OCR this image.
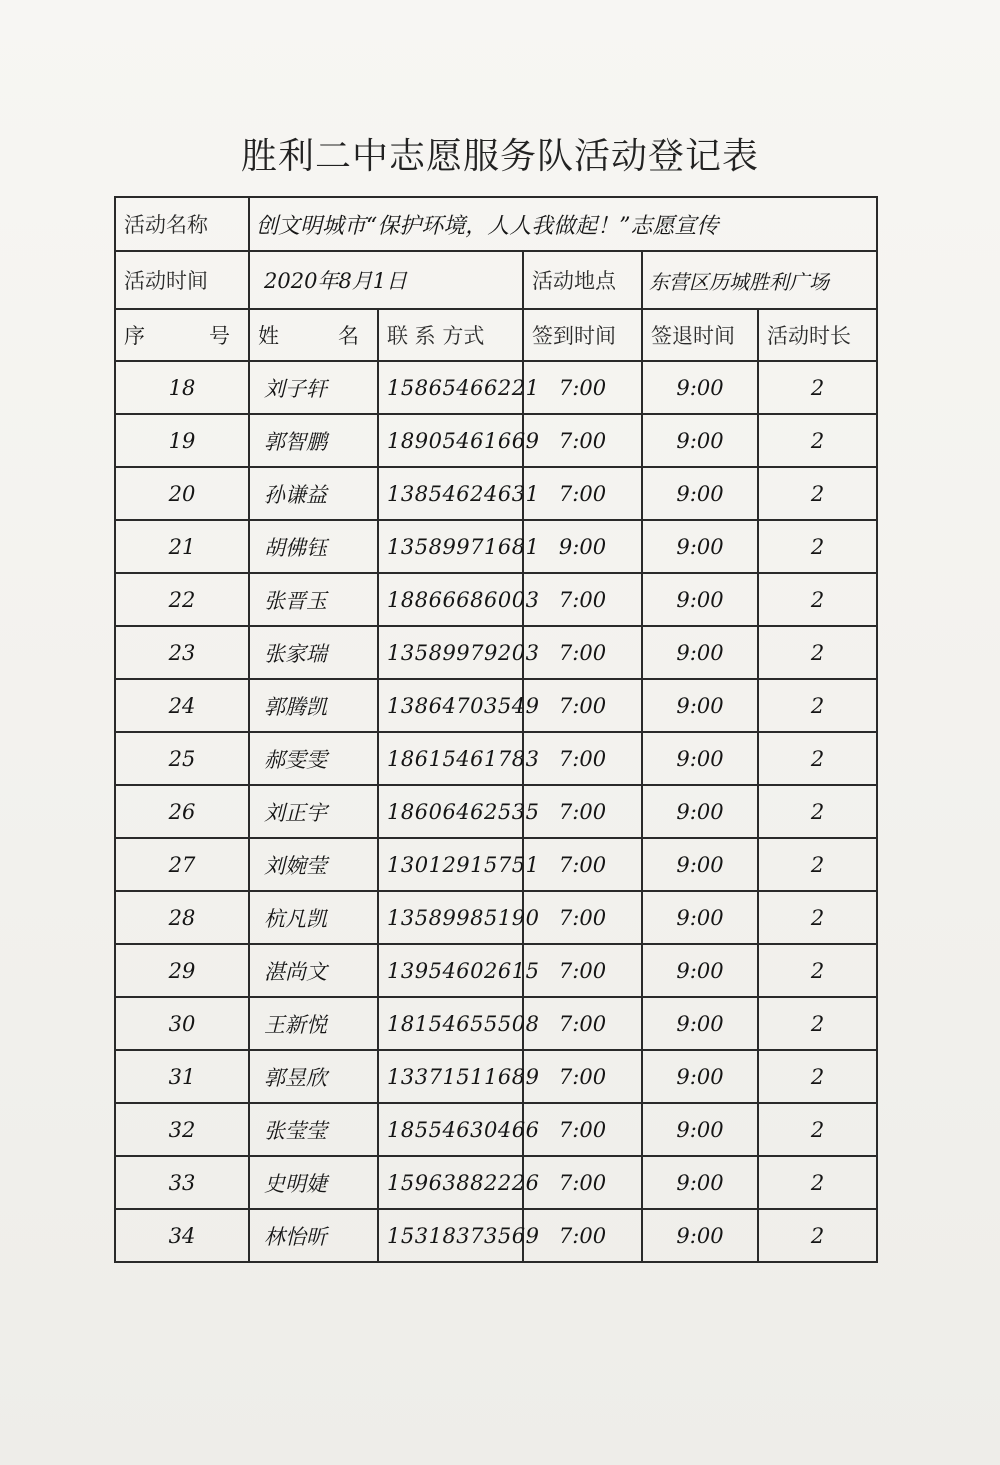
胜利二中志愿服务队活动登记表
活动名称	创文明城市“保护环境，人人我做起！”志愿宣传				
活动时间	2020年8月1日		活动地点	东营区历城胜利广场	

序 号	姓 名	联 系 方式	签到时间	签退时间	活动时长
18	刘子轩	15865466221	7:00	9:00	2
19	郭智鹏	18905461669	7:00	9:00	2
20	孙谦益	13854624631	7:00	9:00	2
21	胡佛钰	13589971681	9:00	9:00	2
22	张晋玉	18866686003	7:00	9:00	2
23	张家瑞	13589979203	7:00	9:00	2
24	郭腾凯	13864703549	7:00	9:00	2
25	郝雯雯	18615461783	7:00	9:00	2
26	刘正宇	18606462535	7:00	9:00	2
27	刘婉莹	13012915751	7:00	9:00	2
28	杭凡凯	13589985190	7:00	9:00	2
29	湛尚文	13954602615	7:00	9:00	2
30	王新悦	18154655508	7:00	9:00	2
31	郭昱欣	13371511689	7:00	9:00	2
32	张莹莹	18554630466	7:00	9:00	2
33	史明婕	15963882226	7:00	9:00	2
34	林怡昕	15318373569	7:00	9:00	2
